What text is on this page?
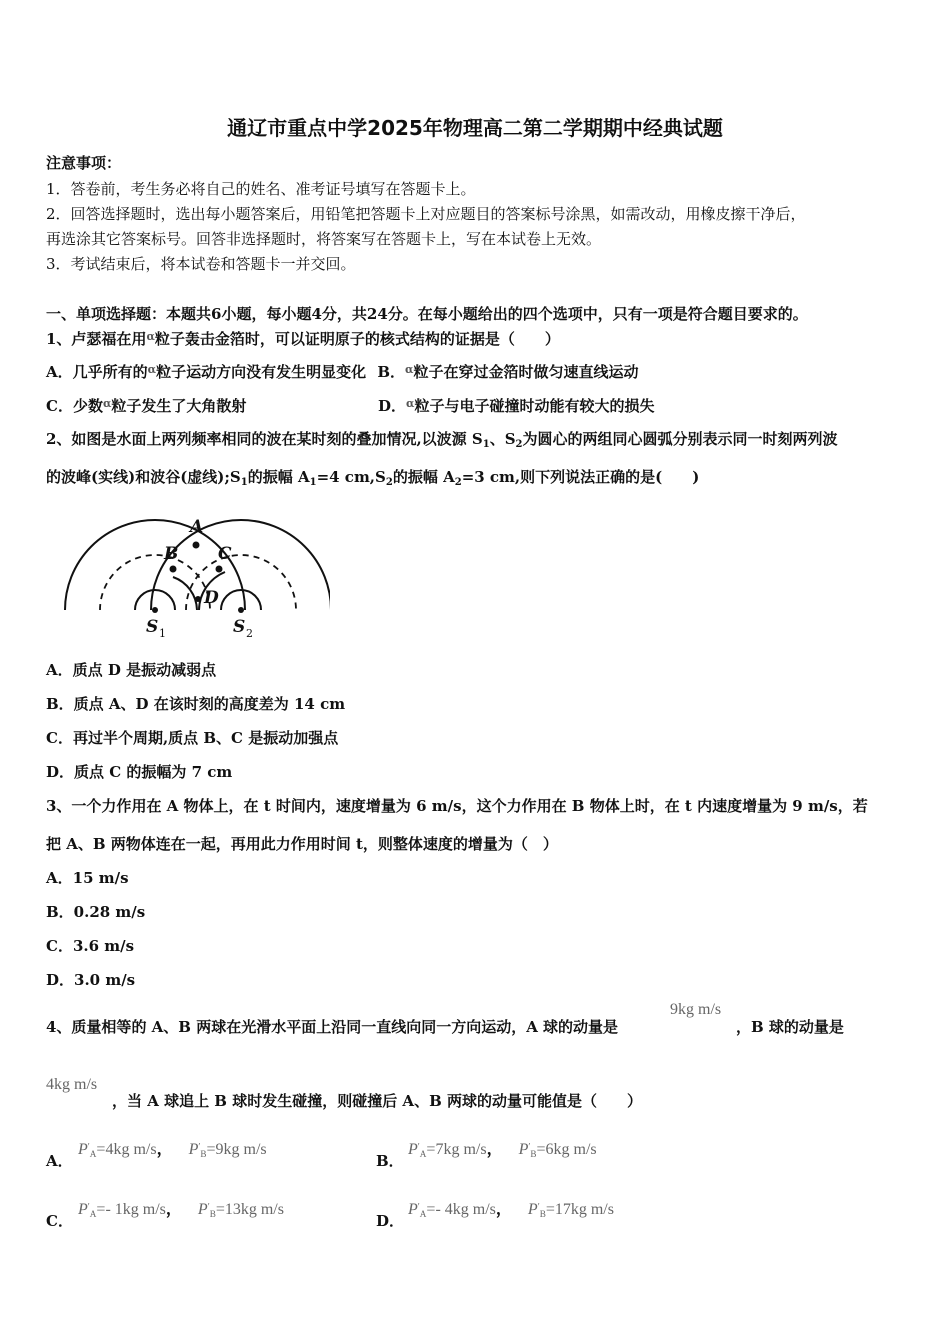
通辽市重点中学2025年物理高二第二学期期中经典试题
注意事项：
1．答卷前，考生务必将自己的姓名、准考证号填写在答题卡上。
2．回答选择题时，选出每小题答案后，用铅笔把答题卡上对应题目的答案标号涂黑，如需改动，用橡皮擦干净后，
再选涂其它答案标号。回答非选择题时，将答案写在答题卡上，写在本试卷上无效。
3．考试结束后，将本试卷和答题卡一并交回。
一、单项选择题：本题共6小题，每小题4分，共24分。在每小题给出的四个选项中，只有一项是符合题目要求的。
1、卢瑟福在用$^\alpha$粒子轰击金箔时，可以证明原子的核式结构的证据是（　　）
A．几乎所有的$^\alpha$粒子运动方向没有发生明显变化 B．$^\alpha$粒子在穿过金箔时做匀速直线运动
C．少数$^\alpha$粒子发生了大角散射	D．$^\alpha$粒子与电子碰撞时动能有较大的损失
2、如图是水面上两列频率相同的波在某时刻的叠加情况,以波源 $S_1$、$S_2$为圆心的两组同心圆弧分别表示同一时刻两列波
的波峰(实线)和波谷(虚线)$;S_1$的振幅 $A_1=4$ $cm,S_2$的振幅 $A_2=3$ cm,则下列说法正确的是(　　)
A
B C
D
S	S
1	2
A．质点 D 是振动减弱点
B．质点 A、D 在该时刻的高度差为 14 cm
C．再过半个周期,质点 B、C 是振动加强点
D．质点 C 的振幅为 7 cm
3、一个力作用在 A 物体上，在 t 时间内，速度增量为 6 m/s，这个力作用在 B 物体上时，在 t 内速度增量为 9 m/s，若
把 A、B 两物体连在一起，再用此力作用时间 t，则整体速度的增量为（　）
A．15 m/s
B．0.28 m/s
C．3.6 m/s
D．3.0 m/s
4、质量相等的 A、B 两球在光滑水平面上沿同一直线向同一方向运动，A 球的动量是
9kg m/s
，B 球的动量是
4kg m/s
，当 A 球追上 B 球时发生碰撞，则碰撞后 A、B 两球的动量可能值是（　　）
A．
$P'_A=4kg$ m/s， $P'_B=9kg$ m/s
B．
$P'_A=7kg$ m/s， $P'_B=6kg$ m/s
C．
$P'_A=-$ 1kg m/s， $P'_B=13kg$ m/s
D．
$P'_A=-$ 4kg m/s， $P'_B=17kg$ m/s
